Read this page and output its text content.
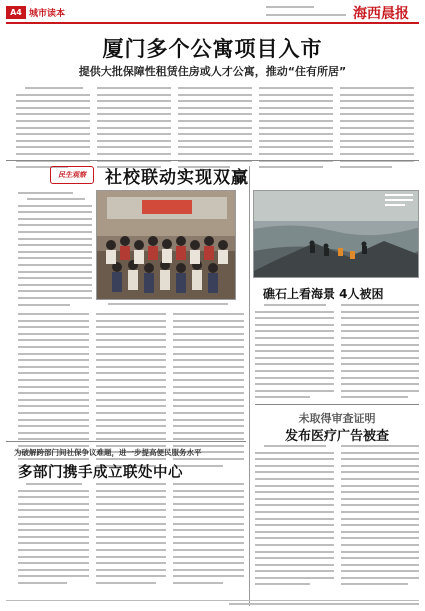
A4 城市读本	海西晨报
厦门多个公寓项目入市
提供大批保障性租赁住房或人才公寓，推动“住有所居”
民生观察	社校联动实现双赢
礁石上看海景 4人被困
未取得审查证明
发布医疗广告被查
为破解跨部门间社保争议难题，进一步提高便民服务水平
多部门携手成立联处中心
